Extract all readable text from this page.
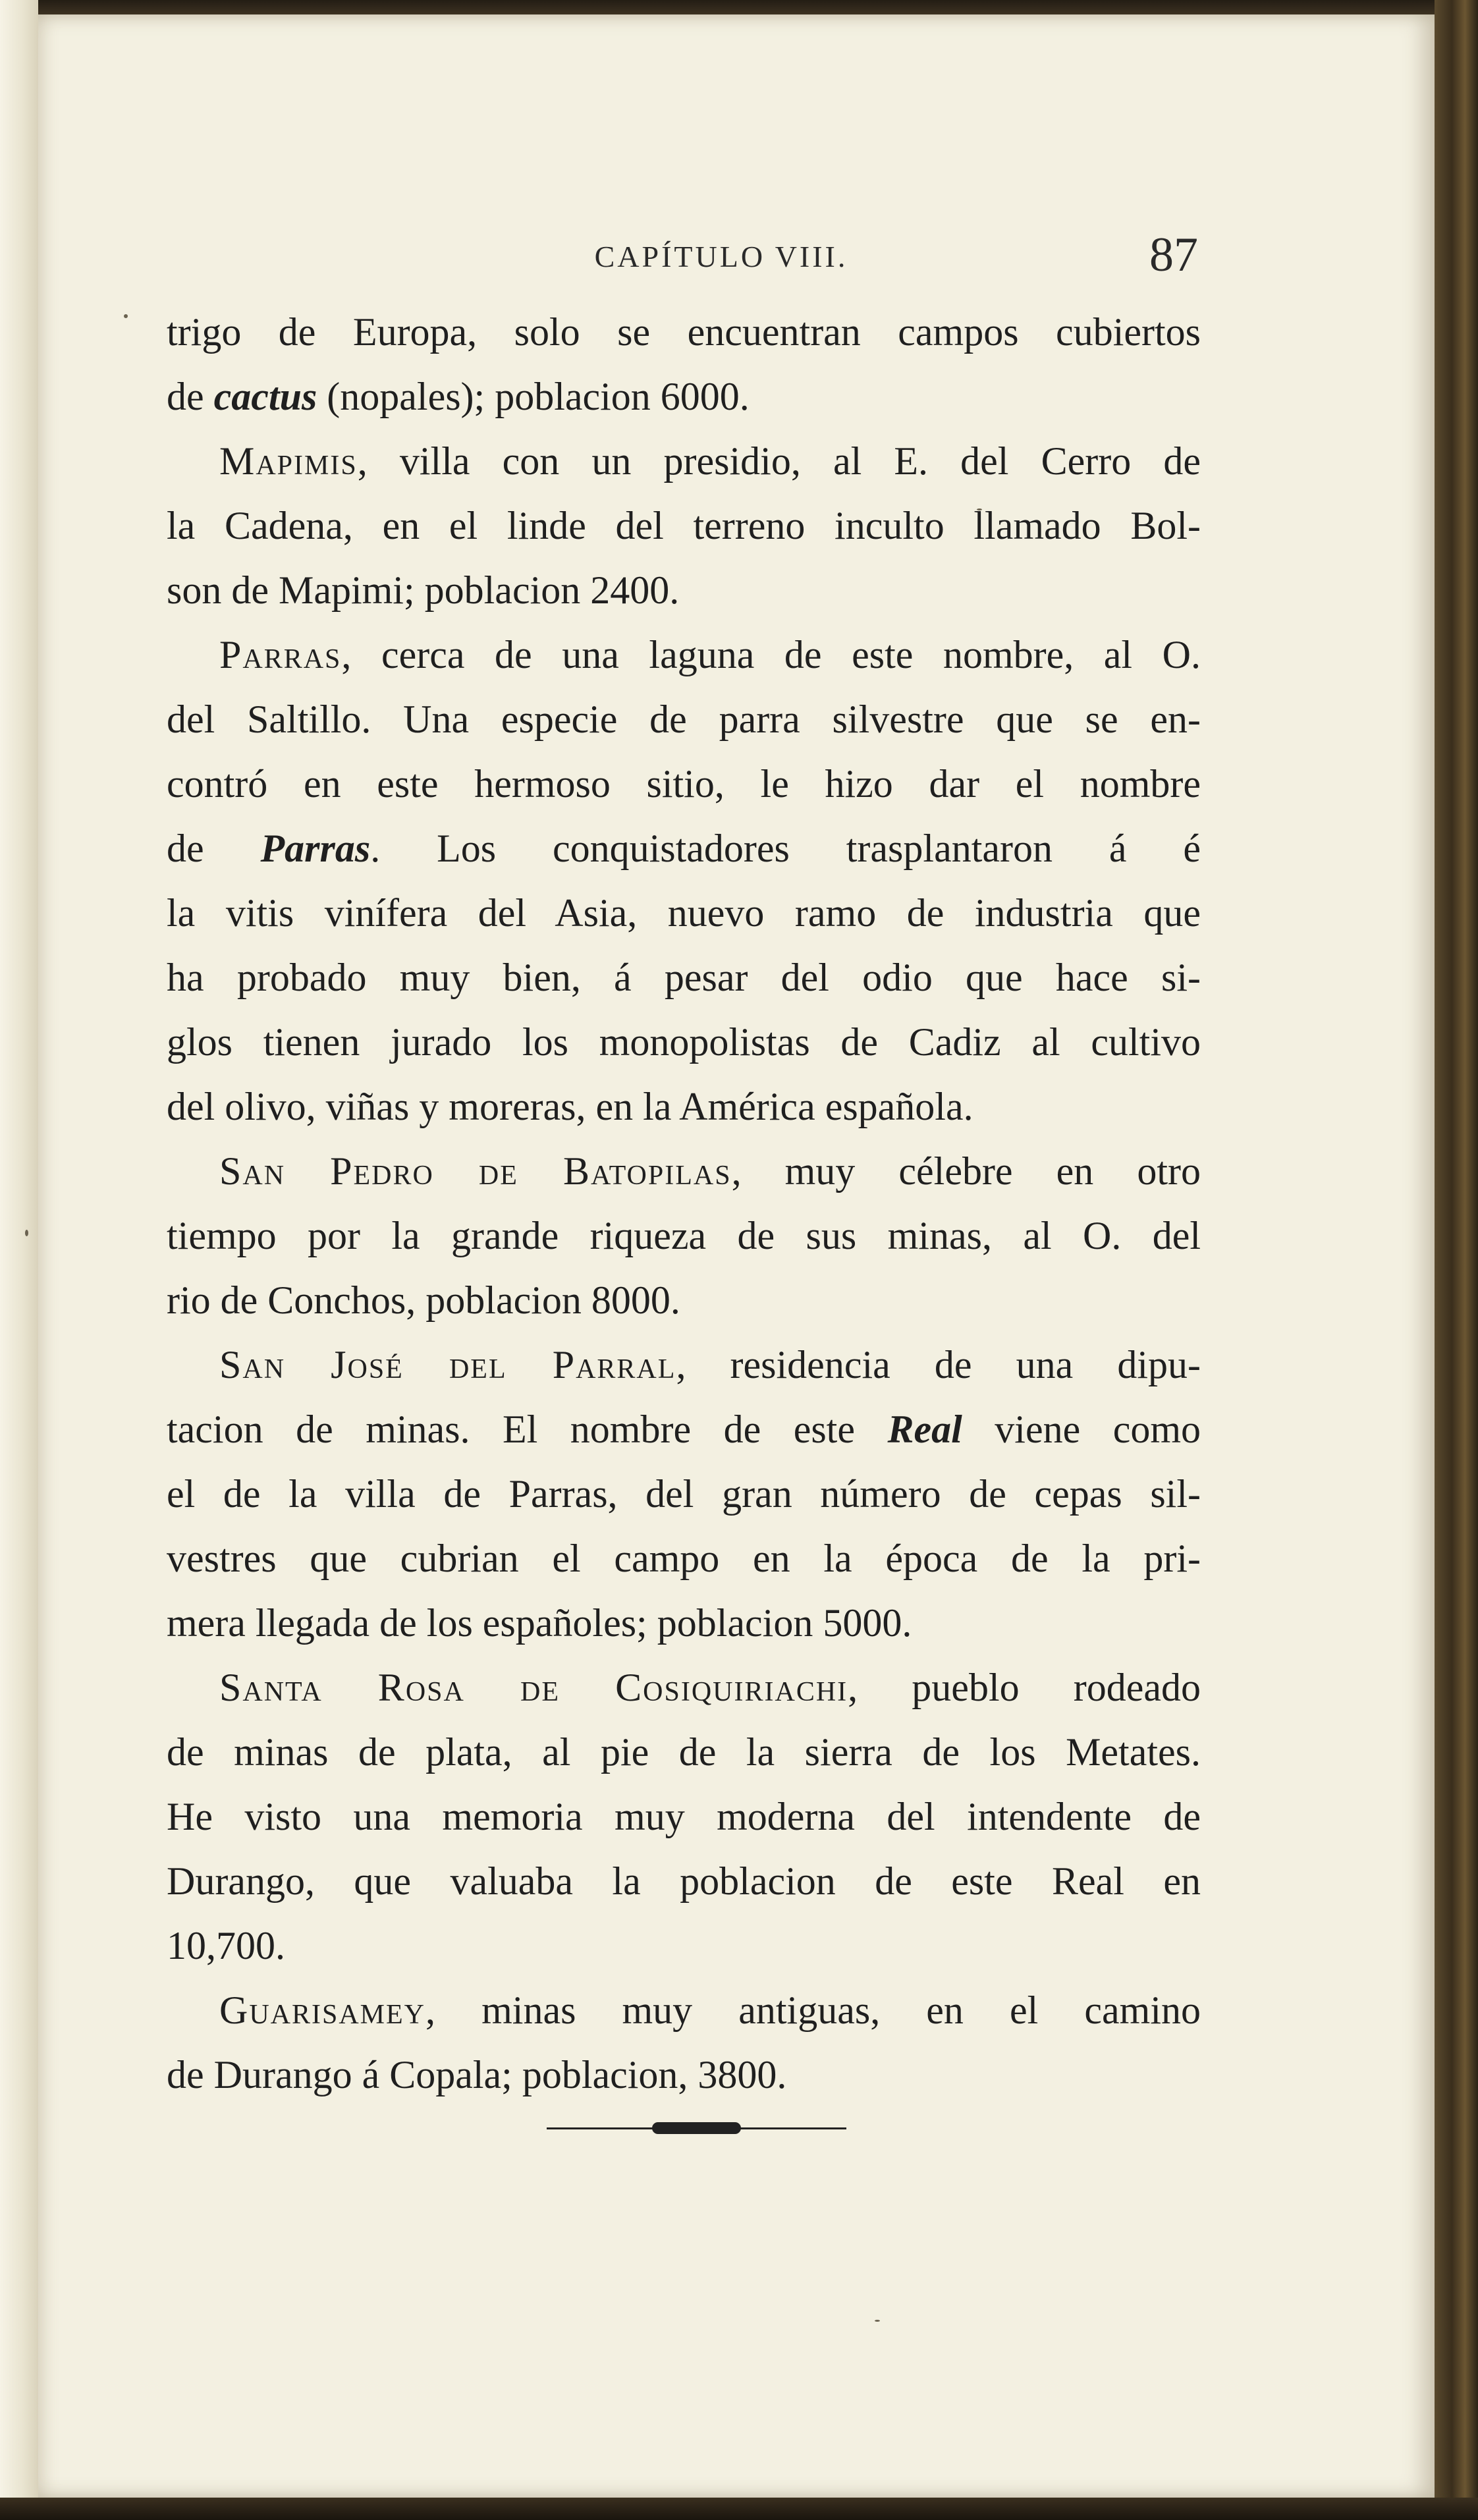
CAPÍTULO VIII.	87
trigo de Europa, solo se encuentran campos cubiertos
de cactus (nopales); poblacion 6000.
Mapimis, villa con un presidio, al E. del Cerro de
la Cadena, en el linde del terreno inculto llamado Bol-
son de Mapimi; poblacion 2400.
Parras, cerca de una laguna de este nombre, al O.
del Saltillo. Una especie de parra silvestre que se en-
contró en este hermoso sitio, le hizo dar el nombre
de Parras. Los conquistadores trasplantaron á é
la vitis vinífera del Asia, nuevo ramo de industria que
ha probado muy bien, á pesar del odio que hace si-
glos tienen jurado los monopolistas de Cadiz al cultivo
del olivo, viñas y moreras, en la América española.
San Pedro de Batopilas, muy célebre en otro
tiempo por la grande riqueza de sus minas, al O. del
rio de Conchos, poblacion 8000.
San José del Parral, residencia de una dipu-
tacion de minas. El nombre de este Real viene como
el de la villa de Parras, del gran número de cepas sil-
vestres que cubrian el campo en la época de la pri-
mera llegada de los españoles; poblacion 5000.
Santa Rosa de Cosiquiriachi, pueblo rodeado
de minas de plata, al pie de la sierra de los Metates.
He visto una memoria muy moderna del intendente de
Durango, que valuaba la poblacion de este Real en
10,700.
Guarisamey, minas muy antiguas, en el camino
de Durango á Copala; poblacion, 3800.
